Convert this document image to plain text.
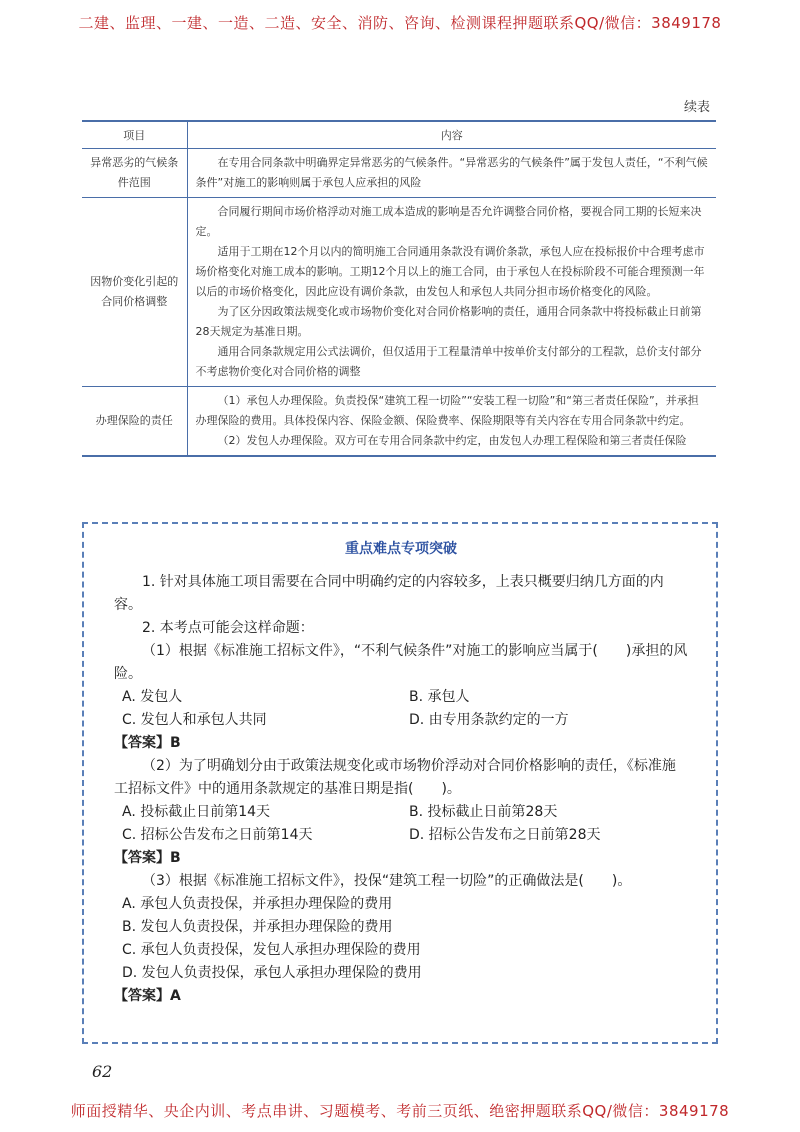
二建、监理、一建、一造、二造、安全、消防、咨询、检测课程押题联系QQ/微信：3849178
续表
项目	内容
异常恶劣的气候条件范围	在专用合同条款中明确界定异常恶劣的气候条件。“异常恶劣的气候条件”属于发包人责任，“不利气候条件”对施工的影响则属于承包人应承担的风险

因物价变化引起的合同价格调整	合同履行期间市场价格浮动对施工成本造成的影响是否允许调整合同价格，要视合同工期的长短来决定。

适用于工期在12个月以内的简明施工合同通用条款没有调价条款，承包人应在投标报价中合理考虑市场价格变化对施工成本的影响。工期12个月以上的施工合同，由于承包人在投标阶段不可能合理预测一年以后的市场价格变化，因此应设有调价条款，由发包人和承包人共同分担市场价格变化的风险。

为了区分因政策法规变化或市场物价变化对合同价格影响的责任，通用合同条款中将投标截止日前第28天规定为基准日期。

通用合同条款规定用公式法调价，但仅适用于工程量清单中按单价支付部分的工程款，总价支付部分不考虑物价变化对合同价格的调整

办理保险的责任	（1）承包人办理保险。负责投保“建筑工程一切险”“安装工程一切险”和“第三者责任保险”，并承担办理保险的费用。具体投保内容、保险金额、保险费率、保险期限等有关内容在专用合同条款中约定。

（2）发包人办理保险。双方可在专用合同条款中约定，由发包人办理工程保险和第三者责任保险

重点难点专项突破

1. 针对具体施工项目需要在合同中明确约定的内容较多，上表只概要归纳几方面的内容。

2. 本考点可能会这样命题：

（1）根据《标准施工招标文件》，“不利气候条件”对施工的影响应当属于(　　)承担的风险。

A. 发包人	B. 承包人
C. 发包人和承包人共同	D. 由专用条款约定的一方

【答案】B

（2）为了明确划分由于政策法规变化或市场物价浮动对合同价格影响的责任，《标准施工招标文件》中的通用条款规定的基准日期是指(　　)。

A. 投标截止日前第14天	B. 投标截止日前第28天
C. 招标公告发布之日前第14天	D. 招标公告发布之日前第28天

【答案】B

（3）根据《标准施工招标文件》，投保“建筑工程一切险”的正确做法是(　　)。

A. 承包人负责投保，并承担办理保险的费用

B. 发包人负责投保，并承担办理保险的费用

C. 承包人负责投保，发包人承担办理保险的费用

D. 发包人负责投保，承包人承担办理保险的费用

【答案】A

62
师面授精华、央企内训、考点串讲、习题模考、考前三页纸、绝密押题联系QQ/微信：3849178
